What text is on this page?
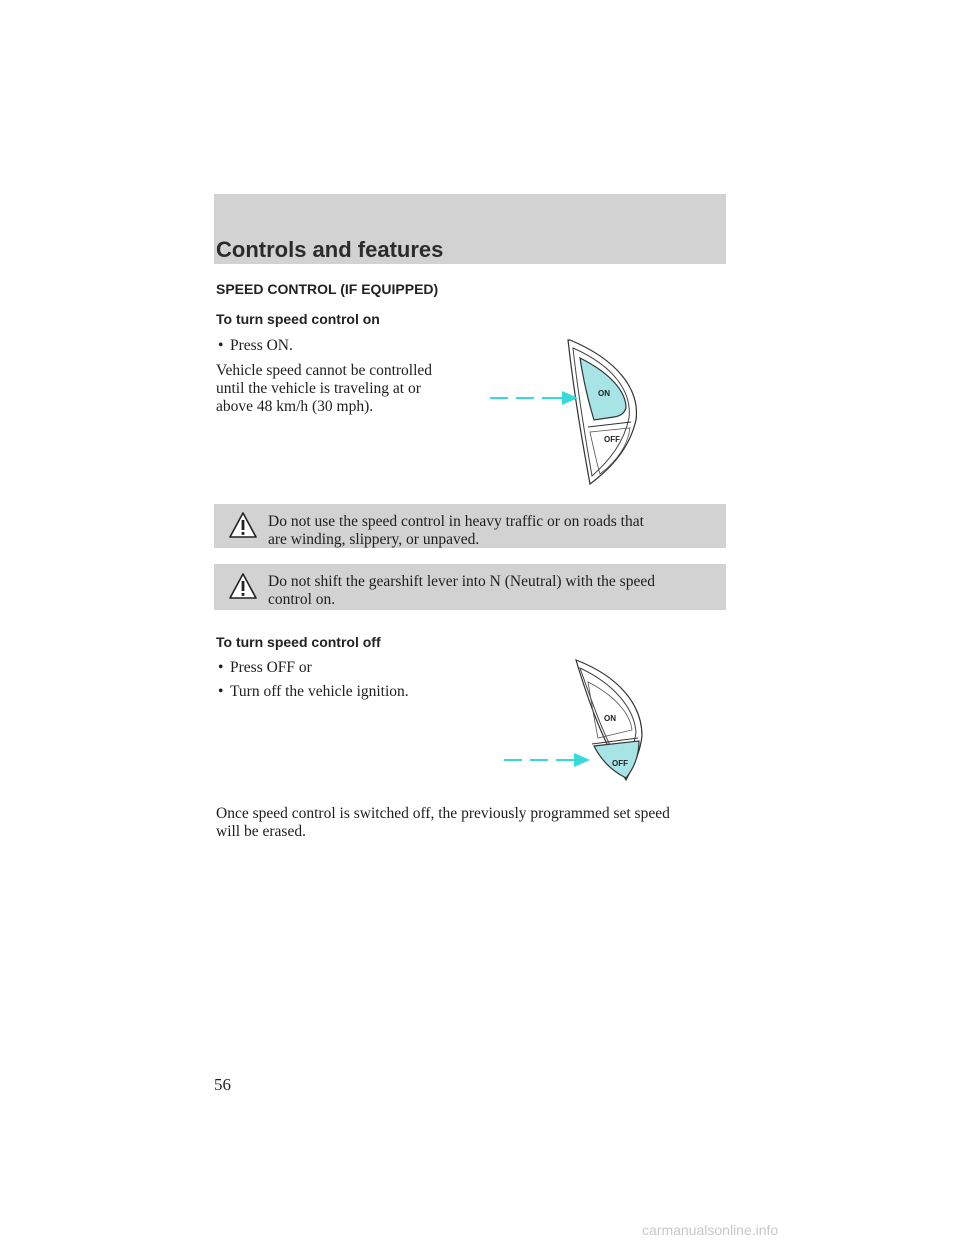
Controls and features
SPEED CONTROL (IF EQUIPPED)
To turn speed control on
• Press ON.
Vehicle speed cannot be controlled
until the vehicle is traveling at or
above 48 km/h (30 mph).
ON
OFF
Do not use the speed control in heavy traffic or on roads that
are winding, slippery, or unpaved.
Do not shift the gearshift lever into N (Neutral) with the speed
control on.
To turn speed control off
• Press OFF or
• Turn off the vehicle ignition.
ON
OFF
Once speed control is switched off, the previously programmed set speed
will be erased.
56
carmanualsonline.info
